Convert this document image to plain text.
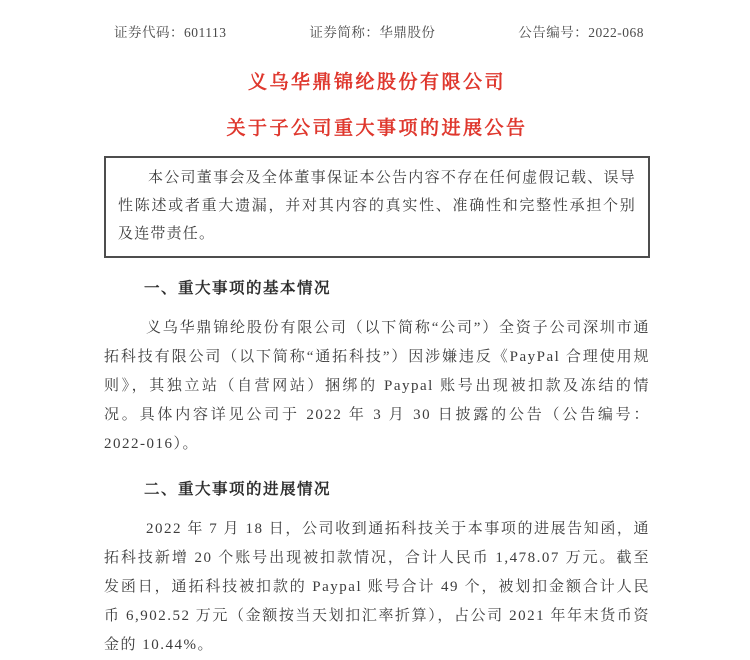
证券代码：601113	证券简称：华鼎股份	公告编号：2022-068
义乌华鼎锦纶股份有限公司
关于子公司重大事项的进展公告

本公司董事会及全体董事保证本公告内容不存在任何虚假记载、误导性陈述或者重大遗漏，并对其内容的真实性、准确性和完整性承担个别及连带责任。

一、重大事项的基本情况

义乌华鼎锦纶股份有限公司（以下简称“公司”）全资子公司深圳市通拓科技有限公司（以下简称“通拓科技”）因涉嫌违反《PayPal 合理使用规则》，其独立站（自营网站）捆绑的 Paypal 账号出现被扣款及冻结的情况。具体内容详见公司于 2022 年 3 月 30 日披露的公告（公告编号：2022-016）。

二、重大事项的进展情况

2022 年 7 月 18 日，公司收到通拓科技关于本事项的进展告知函，通拓科技新增 20 个账号出现被扣款情况，合计人民币 1,478.07 万元。截至发函日，通拓科技被扣款的 Paypal 账号合计 49 个，被划扣金额合计人民币 6,902.52 万元（金额按当天划扣汇率折算），占公司 2021 年年末货币资金的 10.44%。
